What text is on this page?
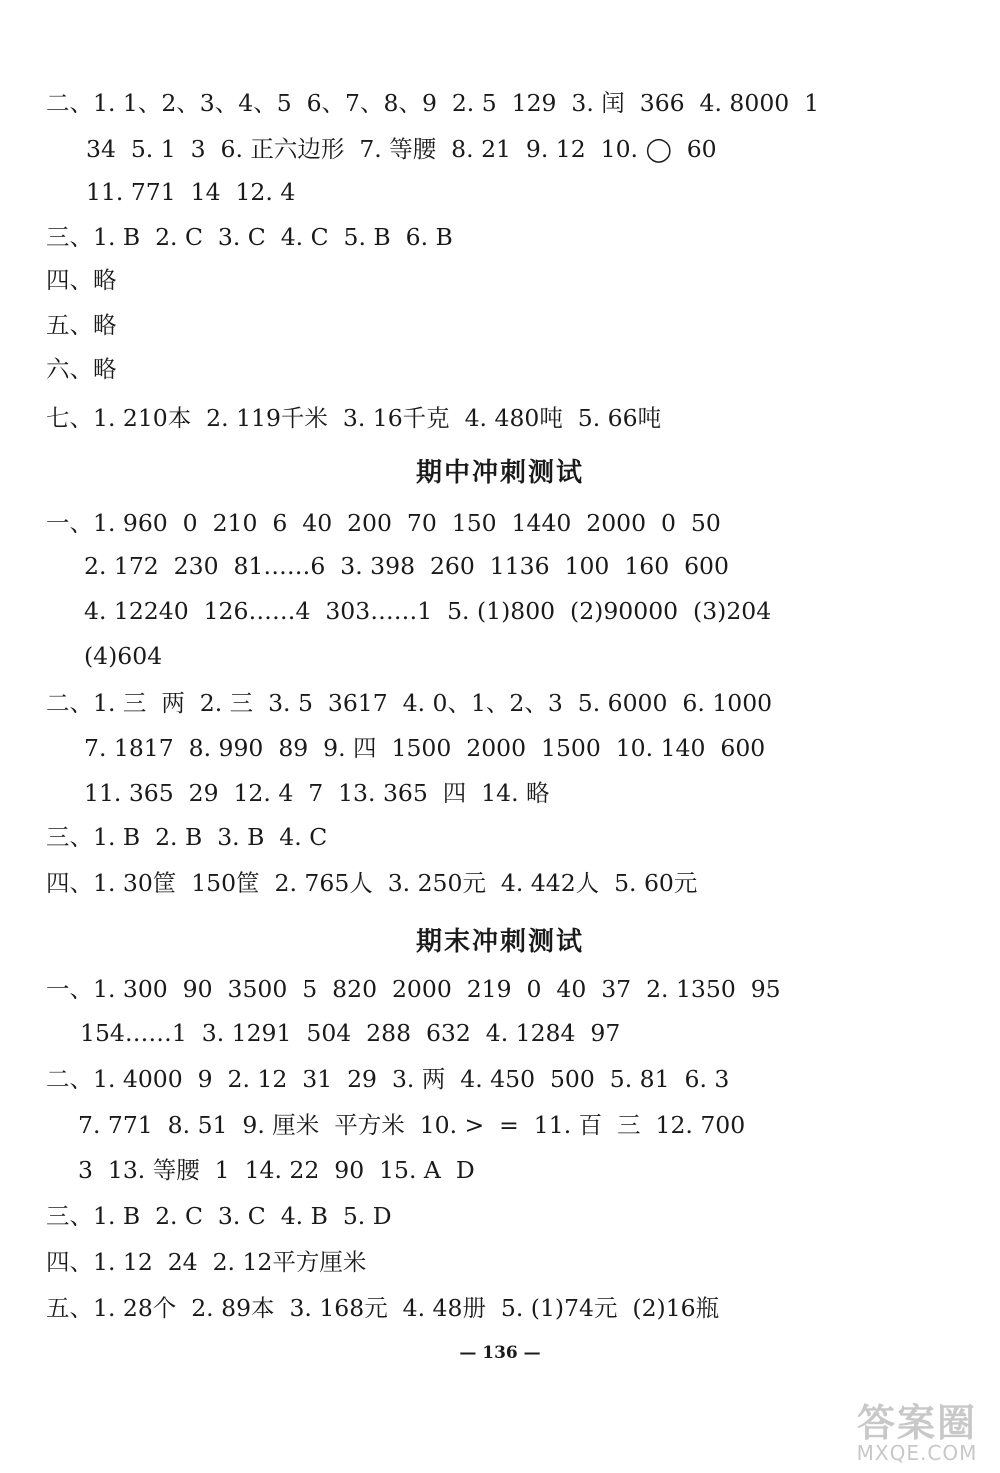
二、1. 1、2、3、4、5  6、7、8、9  2. 5  129  3. 闰  366  4. 8000  1
34  5. 1  3  6. 正六边形  7. 等腰  8. 21  9. 12  10. ◯  60
11. 771  14  12. 4
三、1. B  2. C  3. C  4. C  5. B  6. B
四、略
五、略
六、略
七、1. 210本  2. 119千米  3. 16千克  4. 480吨  5. 66吨
期中冲刺测试
一、1. 960  0  210  6  40  200  70  150  1440  2000  0  50
2. 172  230  81……6  3. 398  260  1136  100  160  600
4. 12240  126……4  303……1  5. (1)800  (2)90000  (3)204
(4)604
二、1. 三  两  2. 三  3. 5  3617  4. 0、1、2、3  5. 6000  6. 1000
7. 1817  8. 990  89  9. 四  1500  2000  1500  10. 140  600
11. 365  29  12. 4  7  13. 365  四  14. 略
三、1. B  2. B  3. B  4. C
四、1. 30筐  150筐  2. 765人  3. 250元  4. 442人  5. 60元
期末冲刺测试
一、1. 300  90  3500  5  820  2000  219  0  40  37  2. 1350  95
154……1  3. 1291  504  288  632  4. 1284  97
二、1. 4000  9  2. 12  31  29  3. 两  4. 450  500  5. 81  6. 3
7. 771  8. 51  9. 厘米  平方米  10. >  =  11. 百  三  12. 700
3  13. 等腰  1  14. 22  90  15. A  D
三、1. B  2. C  3. C  4. B  5. D
四、1. 12  24  2. 12平方厘米
五、1. 28个  2. 89本  3. 168元  4. 48册  5. (1)74元  (2)16瓶
— 136 —
答案圈
MXQE.COM
